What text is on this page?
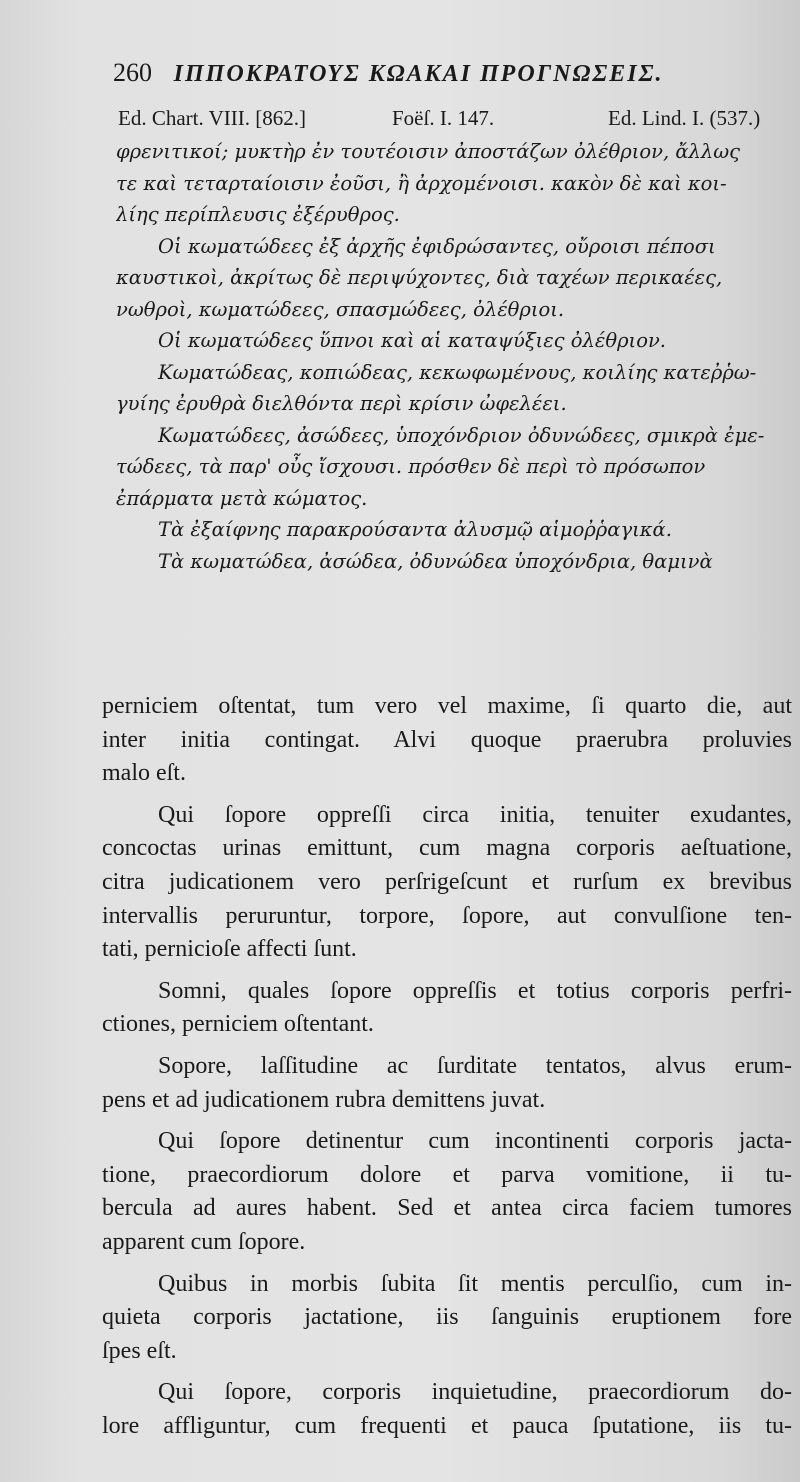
260 ΙΠΠΟΚΡΑΤΟΥΣ ΚΩΑΚΑΙ ΠΡΟΓΝΩΣΕΙΣ.
Ed. Chart. VIII. [862.]	Foëſ. I. 147.	Ed. Lind. I. (537.)

φρενιτικοί; μυκτὴρ ἐν τουτέοισιν ἀποστάζων ὀλέθριον, ἄλλως

τε καὶ τεταρταίοισιν ἐοῦσι, ἢ ἀρχομένοισι. κακὸν δὲ καὶ κοι-

λίης περίπλευσις ἐξέρυθρος.

Οἱ κωματώδεες ἐξ ἀρχῆς ἐφιδρώσαντες, οὔροισι πέποσι

καυστικοὶ, ἀκρίτως δὲ περιψύχοντες, διὰ ταχέων περικαέες,

νωθροὶ, κωματώδεες, σπασμώδεες, ὀλέθριοι.

Οἱ κωματώδεες ὕπνοι καὶ αἱ καταψύξιες ὀλέθριον.

Κωματώδεας, κοπιώδεας, κεκωφωμένους, κοιλίης κατεῤῥω-

γυίης ἐρυθρὰ διελθόντα περὶ κρίσιν ὠφελέει.

Κωματώδεες, ἀσώδεες, ὑποχόνδριον ὀδυνώδεες, σμικρὰ ἐμε-

τώδεες, τὰ παρ' οὖς ἴσχουσι. πρόσθεν δὲ περὶ τὸ πρόσωπον

ἐπάρματα μετὰ κώματος.

Τὰ ἐξαίφνης παρακρούσαντα ἀλυσμῷ αἱμοῤῥαγικά.

Τὰ κωματώδεα, ἀσώδεα, ὀδυνώδεα ὑποχόνδρια, θαμινὰ

perniciem oſtentat, tum vero vel maxime, ſi quarto die, aut
inter initia contingat. Alvi quoque praerubra proluvies
malo eſt.

Qui ſopore oppreſſi circa initia, tenuiter exudantes,
concoctas urinas emittunt, cum magna corporis aeſtuatione,
citra judicationem vero perſrigeſcunt et rurſum ex brevibus
intervallis peruruntur, torpore, ſopore, aut convulſione ten-
tati, pernicioſe affecti ſunt.

Somni, quales ſopore oppreſſis et totius corporis perfri-
ctiones, perniciem oſtentant.

Sopore, laſſitudine ac ſurditate tentatos, alvus erum-
pens et ad judicationem rubra demittens juvat.

Qui ſopore detinentur cum incontinenti corporis jacta-
tione, praecordiorum dolore et parva vomitione, ii tu-
bercula ad aures habent. Sed et antea circa faciem tumores
apparent cum ſopore.

Quibus in morbis ſubita ſit mentis perculſio, cum in-
quieta corporis jactatione, iis ſanguinis eruptionem fore
ſpes eſt.

Qui ſopore, corporis inquietudine, praecordiorum do-
lore affliguntur, cum frequenti et pauca ſputatione, iis tu-
